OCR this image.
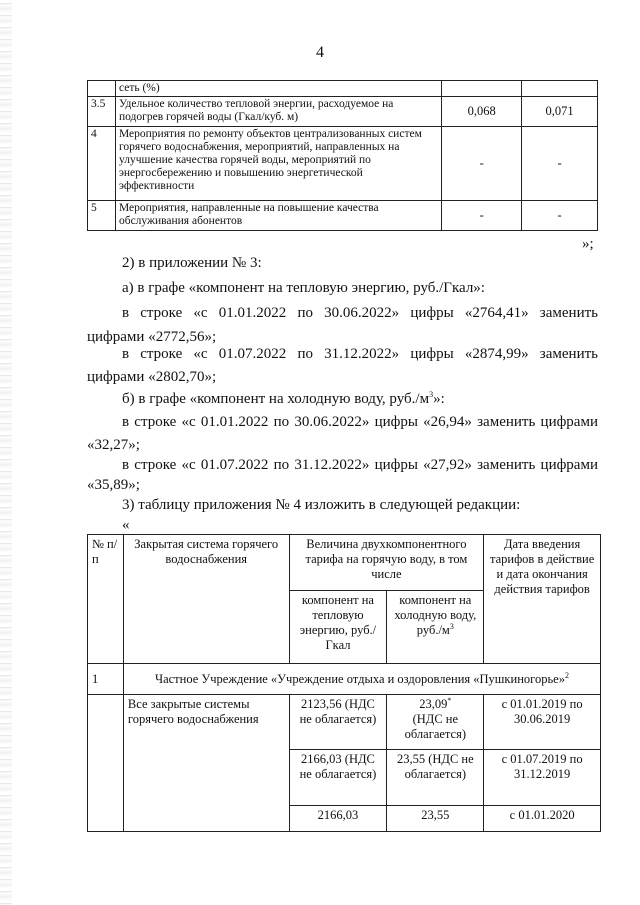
4
	сеть (%)		
3.5	Удельное количество тепловой энергии, расходуемое на подогрев горячей воды (Гкал/куб. м)	0,068	0,071
4	Мероприятия по ремонту объектов централизованных систем горячего водоснабжения, мероприятий, направленных на улучшение качества горячей воды, мероприятий по энергосбережению и повышению энергетической эффективности	-	-
5	Мероприятия, направленные на повышение качества обслуживания абонентов	-	-
»;
2) в приложении № 3:
а) в графе «компонент на тепловую энергию, руб./Гкал»:
в строке «с 01.01.2022 по 30.06.2022» цифры «2764,41» заменить
цифрами «2772,56»;
в строке «с 01.07.2022 по 31.12.2022» цифры «2874,99» заменить
цифрами «2802,70»;
б) в графе «компонент на холодную воду, $руб./м^3$»:
в строке «с 01.01.2022 по 30.06.2022» цифры «26,94» заменить цифрами
«32,27»;
в строке «с 01.07.2022 по 31.12.2022» цифры «27,92» заменить цифрами
«35,89»;
3) таблицу приложения № 4 изложить в следующей редакции:
«
№ п/п	Закрытая система горячего водоснабжения	Величина двухкомпонентного тарифа на горячую воду, в том числе		Дата введения тарифов в действие и дата окончания действия тарифов
		компонент на тепловую энергию, руб./Гкал	компонент на холодную воду, $руб./м^3$
1	Частное Учреждение «Учреждение отдыха и оздоровления «Пушкиногорье»$^2$
	Все закрытые системы горячего водоснабжения	2123,56 (НДС не облагается)	23,09*
(НДС не облагается)	с 01.01.2019 по 30.06.2019
		2166,03 (НДС не облагается)	23,55 (НДС не облагается)	с 01.07.2019 по 31.12.2019
		2166,03	23,55	с 01.01.2020
